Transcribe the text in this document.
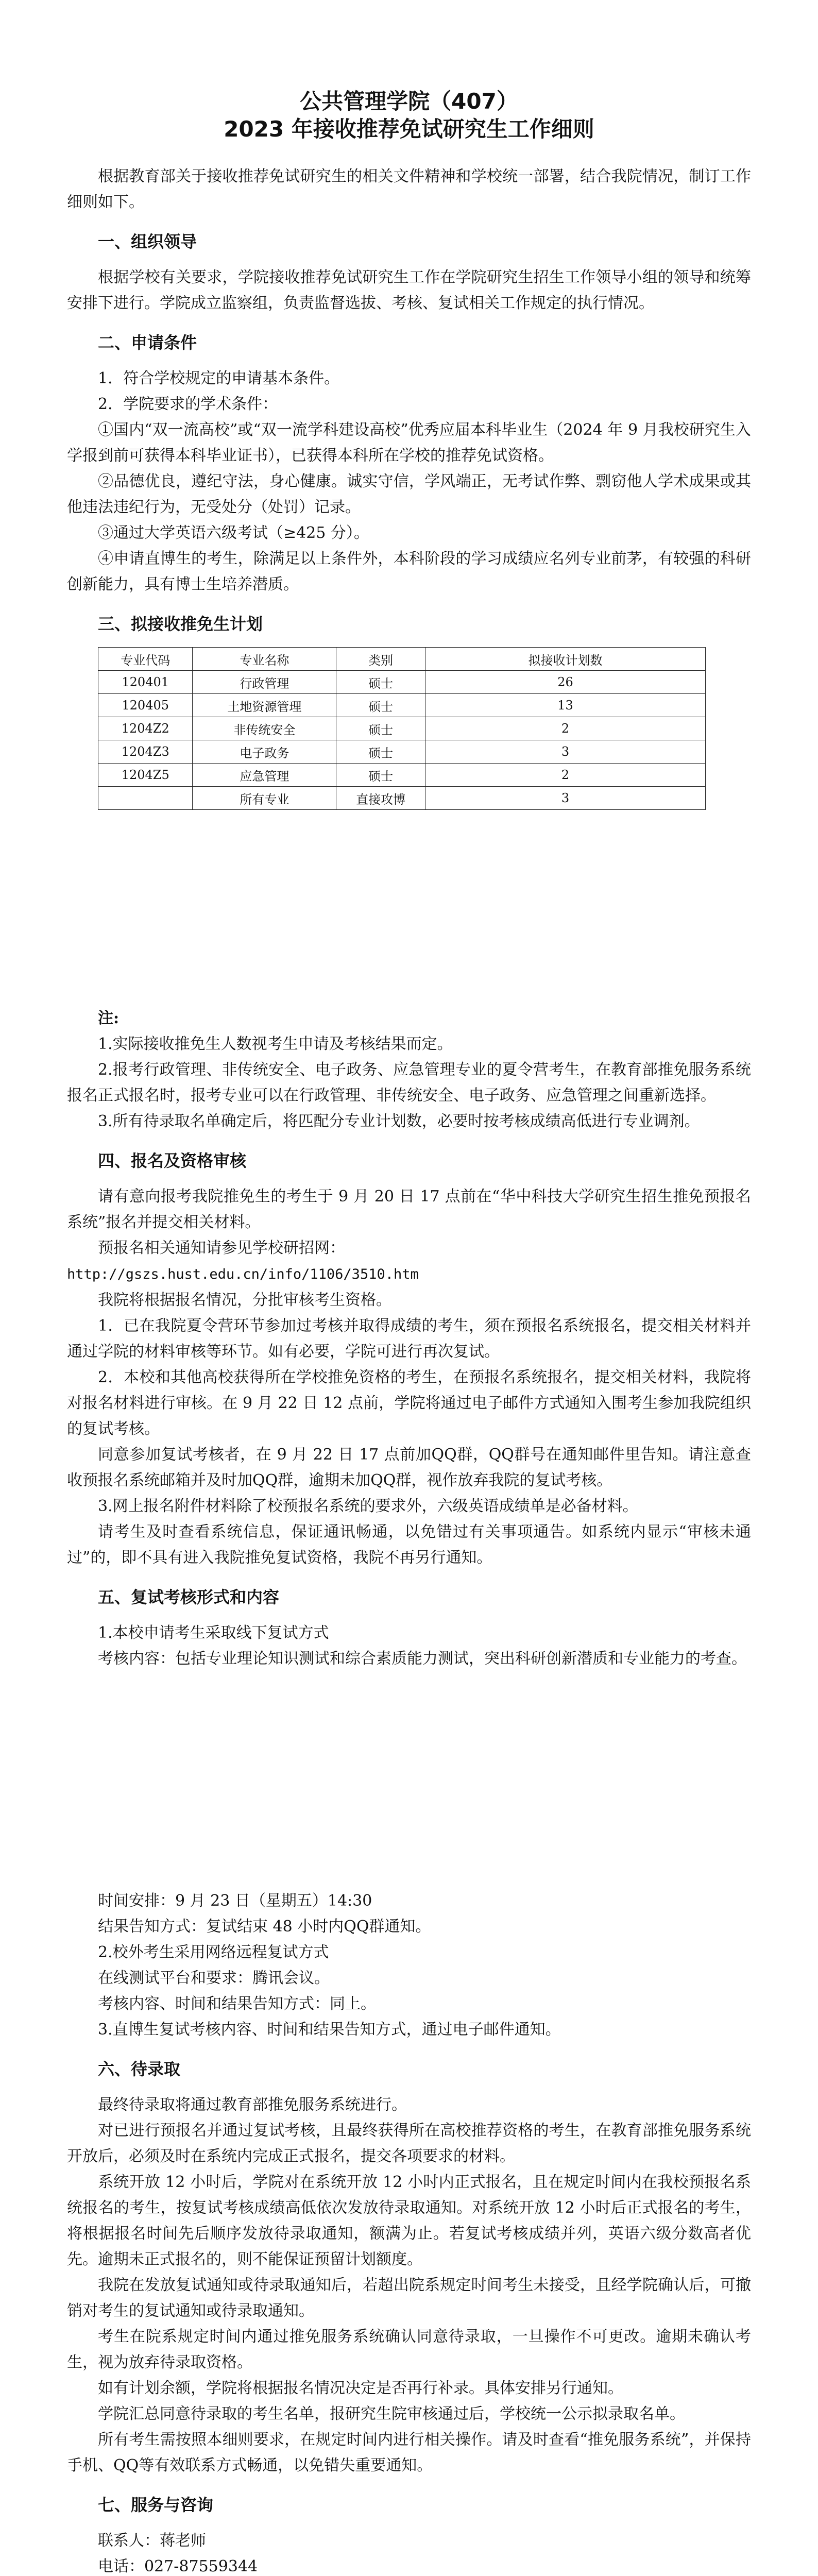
公共管理学院（407）
2023 年接收推荐免试研究生工作细则

根据教育部关于接收推荐免试研究生的相关文件精神和学校统一部署，结合我院情况，制订工作细则如下。

一、组织领导

根据学校有关要求，学院接收推荐免试研究生工作在学院研究生招生工作领导小组的领导和统筹安排下进行。学院成立监察组，负责监督选拔、考核、复试相关工作规定的执行情况。

二、申请条件

1．符合学校规定的申请基本条件。

2．学院要求的学术条件：

①国内“双一流高校”或“双一流学科建设高校”优秀应届本科毕业生（2024 年 9 月我校研究生入学报到前可获得本科毕业证书），已获得本科所在学校的推荐免试资格。

②品德优良，遵纪守法，身心健康。诚实守信，学风端正，无考试作弊、剽窃他人学术成果或其他违法违纪行为，无受处分（处罚）记录。

③通过大学英语六级考试（≥425 分）。

④申请直博生的考生，除满足以上条件外，本科阶段的学习成绩应名列专业前茅，有较强的科研创新能力，具有博士生培养潜质。

三、拟接收推免生计划
专业代码	专业名称	类别	拟接收计划数
120401	行政管理	硕士	26
120405	土地资源管理	硕士	13
1204Z2	非传统安全	硕士	2
1204Z3	电子政务	硕士	3
1204Z5	应急管理	硕士	2
	所有专业	直接攻博	3

注:

1.实际接收推免生人数视考生申请及考核结果而定。

2.报考行政管理、非传统安全、电子政务、应急管理专业的夏令营考生，在教育部推免服务系统报名正式报名时，报考专业可以在行政管理、非传统安全、电子政务、应急管理之间重新选择。

3.所有待录取名单确定后，将匹配分专业计划数，必要时按考核成绩高低进行专业调剂。

四、报名及资格审核

请有意向报考我院推免生的考生于 9 月 20 日 17 点前在“华中科技大学研究生招生推免预报名系统”报名并提交相关材料。

预报名相关通知请参见学校研招网：

http://gszs.hust.edu.cn/info/1106/3510.htm

我院将根据报名情况，分批审核考生资格。

1．已在我院夏令营环节参加过考核并取得成绩的考生，须在预报名系统报名，提交相关材料并通过学院的材料审核等环节。如有必要，学院可进行再次复试。

2．本校和其他高校获得所在学校推免资格的考生，在预报名系统报名，提交相关材料，我院将对报名材料进行审核。在 9 月 22 日 12 点前，学院将通过电子邮件方式通知入围考生参加我院组织的复试考核。

同意参加复试考核者，在 9 月 22 日 17 点前加QQ群，QQ群号在通知邮件里告知。请注意查收预报名系统邮箱并及时加QQ群，逾期未加QQ群，视作放弃我院的复试考核。

3.网上报名附件材料除了校预报名系统的要求外，六级英语成绩单是必备材料。

请考生及时查看系统信息，保证通讯畅通，以免错过有关事项通告。如系统内显示“审核未通过”的，即不具有进入我院推免复试资格，我院不再另行通知。

五、复试考核形式和内容

1.本校申请考生采取线下复试方式

考核内容：包括专业理论知识测试和综合素质能力测试，突出科研创新潜质和专业能力的考查。

时间安排：9 月 23 日（星期五）14:30

结果告知方式：复试结束 48 小时内QQ群通知。

2.校外考生采用网络远程复试方式

在线测试平台和要求：腾讯会议。

考核内容、时间和结果告知方式：同上。

3.直博生复试考核内容、时间和结果告知方式，通过电子邮件通知。

六、待录取

最终待录取将通过教育部推免服务系统进行。

对已进行预报名并通过复试考核，且最终获得所在高校推荐资格的考生，在教育部推免服务系统开放后，必须及时在系统内完成正式报名，提交各项要求的材料。

系统开放 12 小时后，学院对在系统开放 12 小时内正式报名，且在规定时间内在我校预报名系统报名的考生，按复试考核成绩高低依次发放待录取通知。对系统开放 12 小时后正式报名的考生，将根据报名时间先后顺序发放待录取通知，额满为止。若复试考核成绩并列，英语六级分数高者优先。逾期未正式报名的，则不能保证预留计划额度。

我院在发放复试通知或待录取通知后，若超出院系规定时间考生未接受，且经学院确认后，可撤销对考生的复试通知或待录取通知。

考生在院系规定时间内通过推免服务系统确认同意待录取，一旦操作不可更改。逾期未确认考生，视为放弃待录取资格。

如有计划余额，学院将根据报名情况决定是否再行补录。具体安排另行通知。

学院汇总同意待录取的考生名单，报研究生院审核通过后，学校统一公示拟录取名单。

所有考生需按照本细则要求，在规定时间内进行相关操作。请及时查看“推免服务系统”，并保持手机、QQ等有效联系方式畅通，以免错失重要通知。

七、服务与咨询

联系人：蒋老师

电话：027-87559344
